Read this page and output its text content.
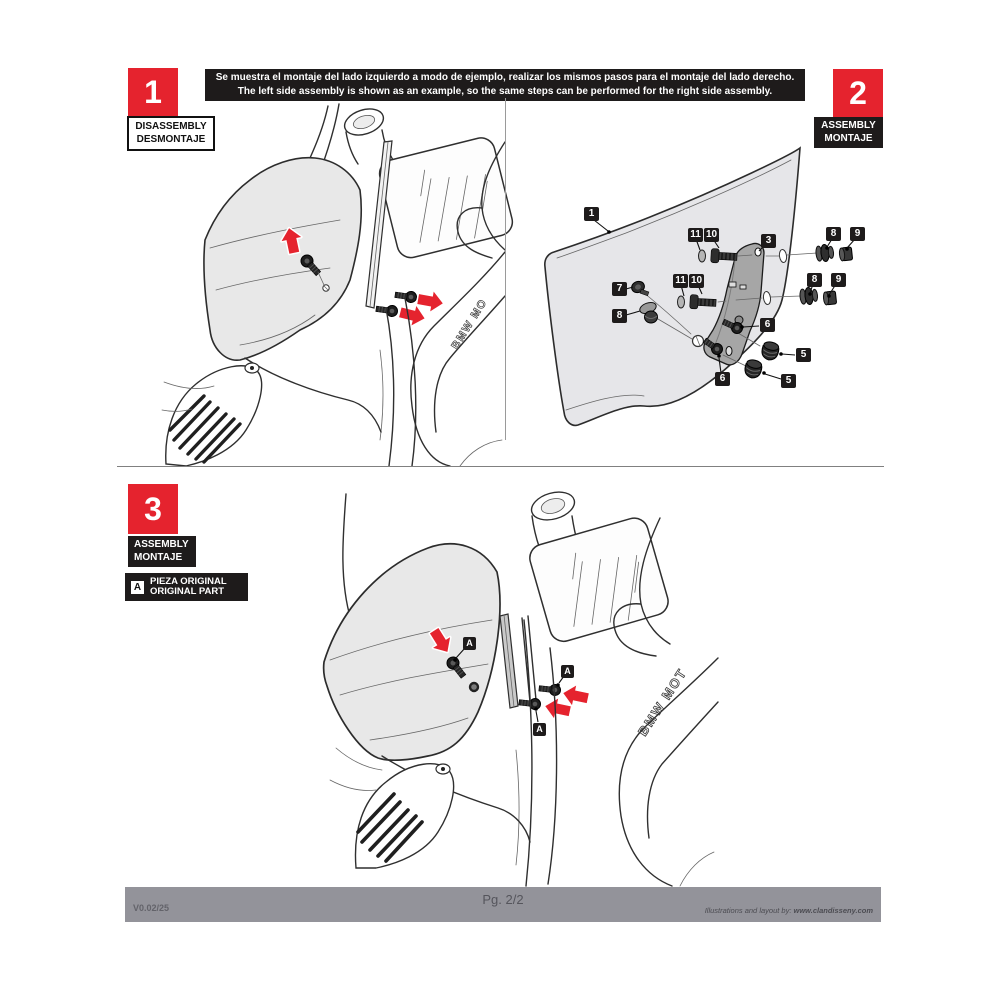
1
DISASSEMBLY
DESMONTAJE
Se muestra el montaje del lado izquierdo a modo de ejemplo, realizar los mismos pasos para el montaje del lado derecho.
The left side assembly is shown as an example, so the same steps can be performed for the right side assembly.	2
ASSEMBLY
MONTAJE
BMW MO
1
11 10
3
8	9
8	9
7
8
11 10
6
5
6	5
3
ASSEMBLY
MONTAJE
A
PIEZA ORIGINAL
ORIGINAL PART
BMW MOT
A
A
A
V0.02/25
Pg. 2/2
Illustrations and layout by: www.clandisseny.com
